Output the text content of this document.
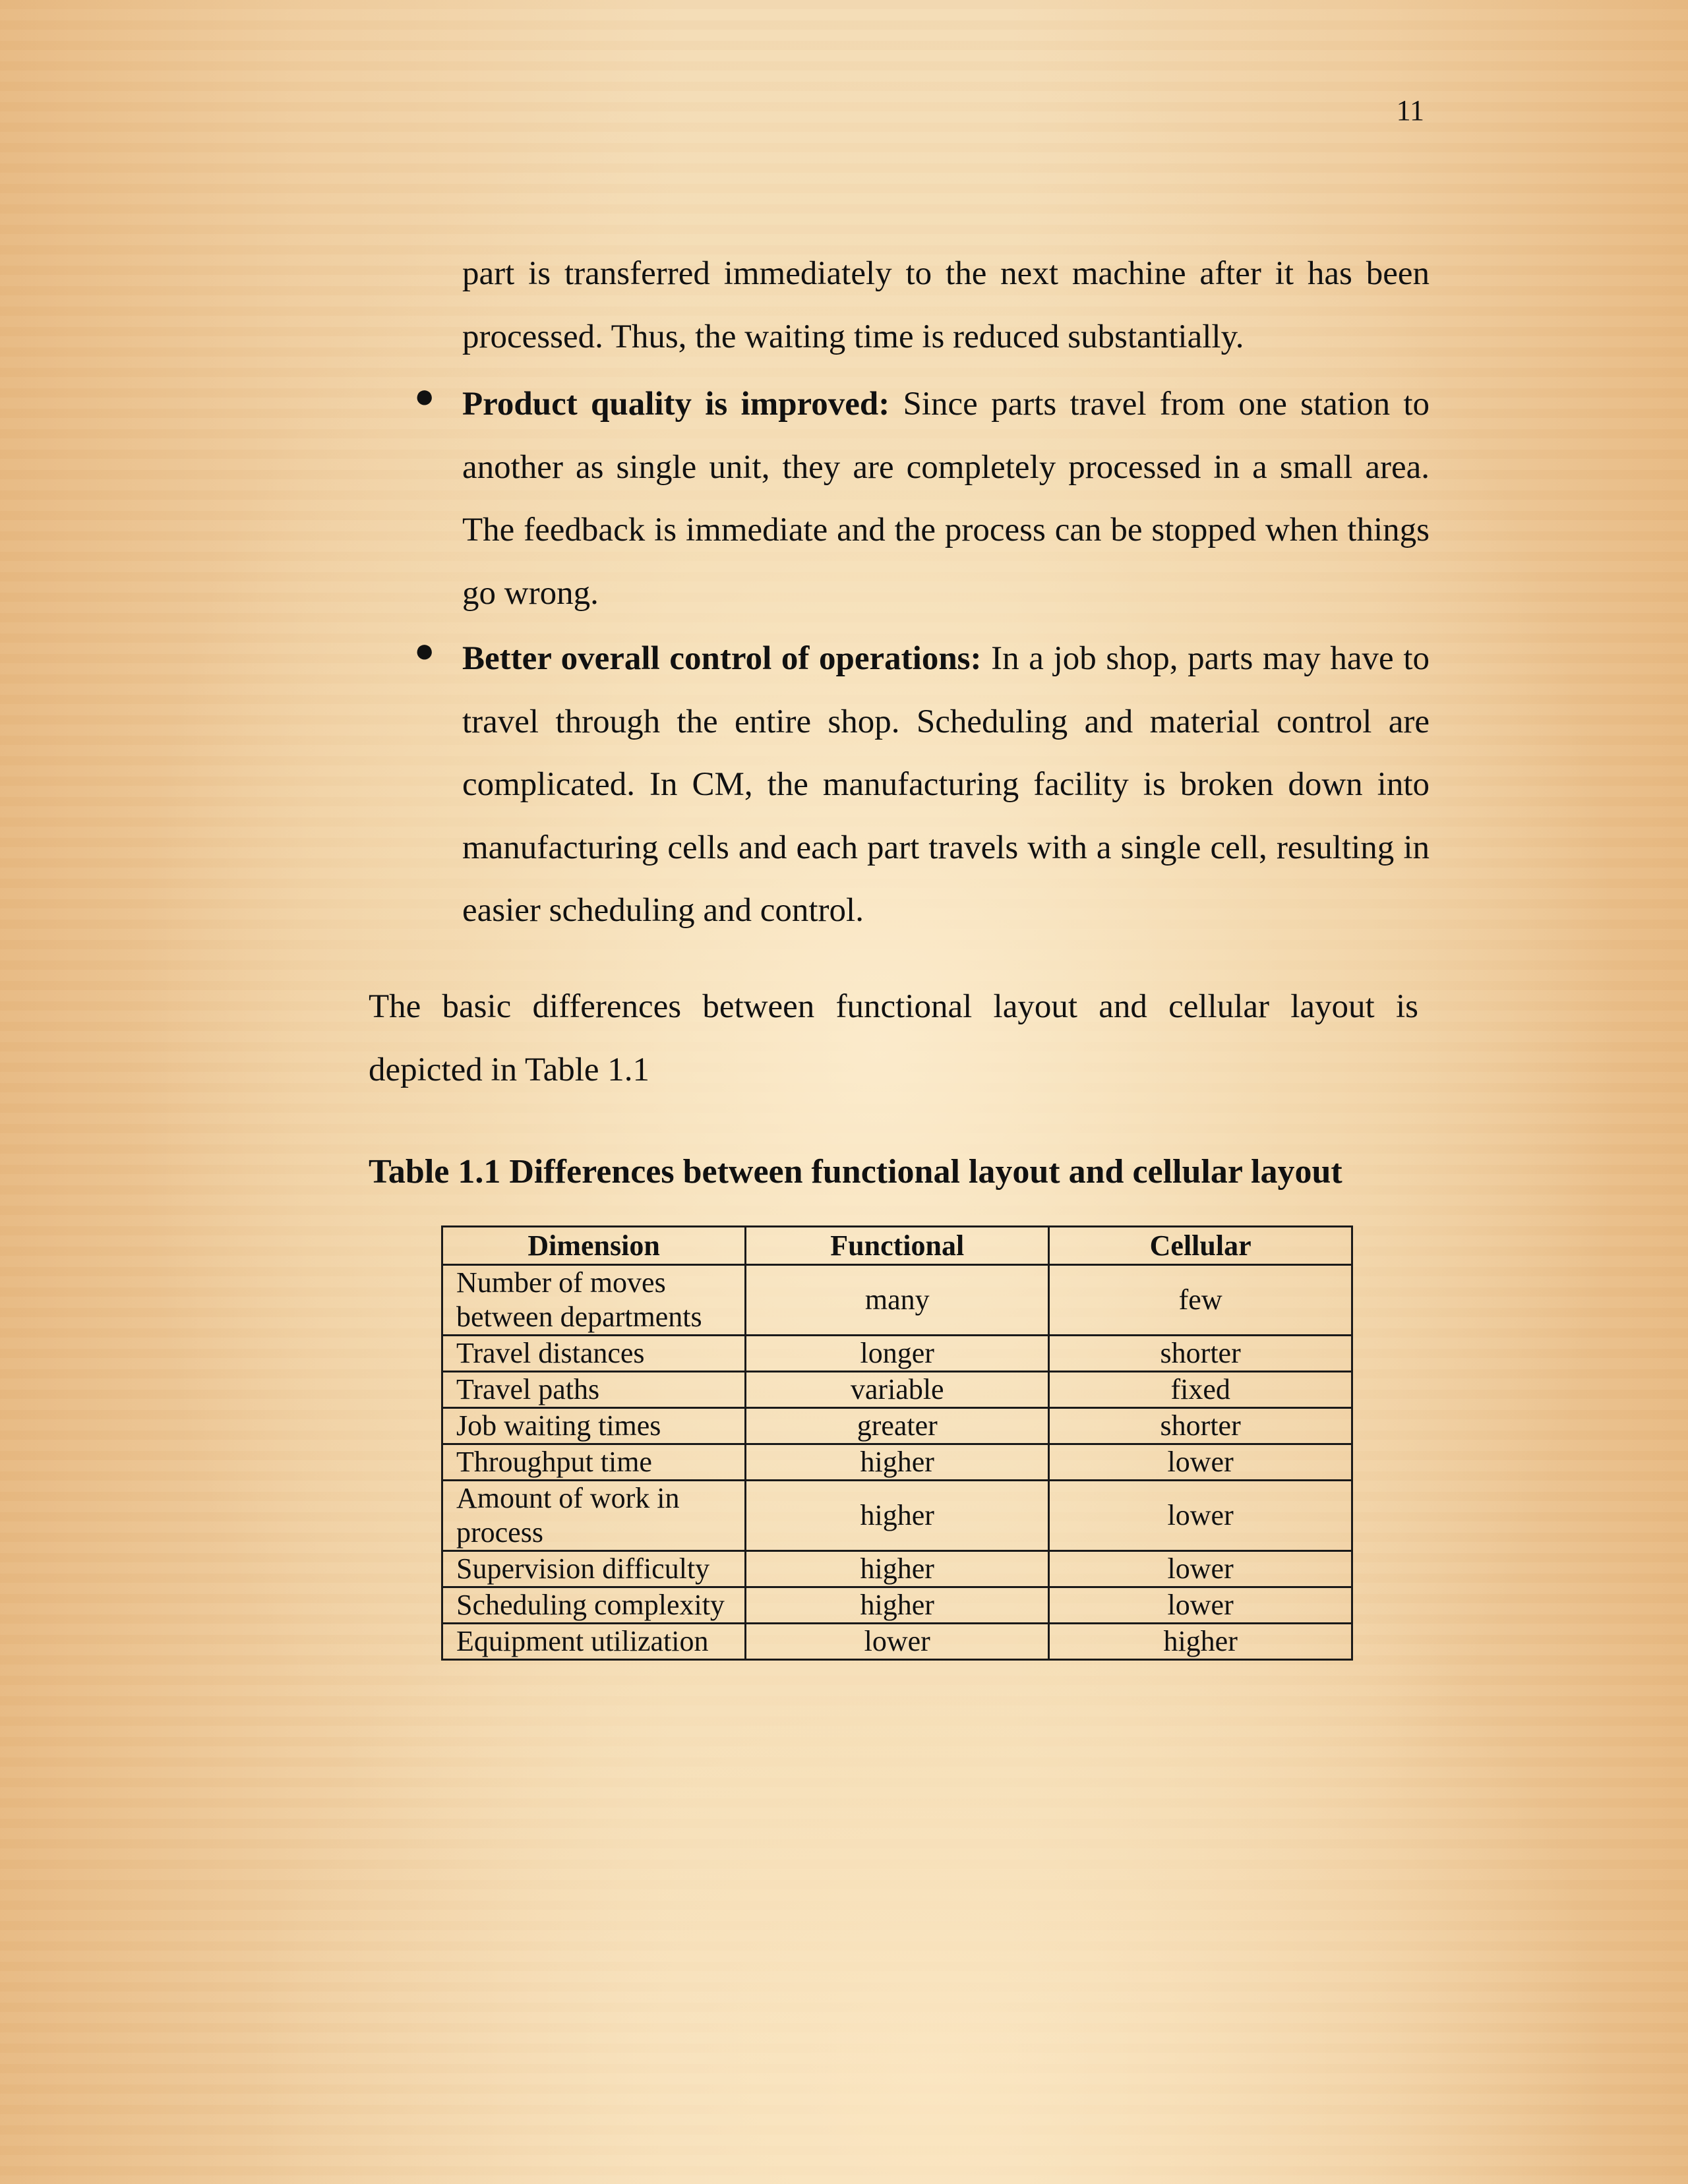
11

part is transferred immediately to the next machine after it has been processed. Thus, the waiting time is reduced substantially.

● Product quality is improved: Since parts travel from one station to another as single unit, they are completely processed in a small area. The feedback is immediate and the process can be stopped when things go wrong.

● Better overall control of operations: In a job shop, parts may have to travel through the entire shop. Scheduling and material control are complicated. In CM, the manufacturing facility is broken down into manufacturing cells and each part travels with a single cell, resulting in easier scheduling and control.

The basic differences between functional layout and cellular layout is depicted in Table 1.1

Table 1.1 Differences between functional layout and cellular layout
Dimension	Functional	Cellular
Number of moves between departments	many	few
Travel distances	longer	shorter
Travel paths	variable	fixed
Job waiting times	greater	shorter
Throughput time	higher	lower
Amount of work in process	higher	lower
Supervision difficulty	higher	lower
Scheduling complexity	higher	lower
Equipment utilization	lower	higher
